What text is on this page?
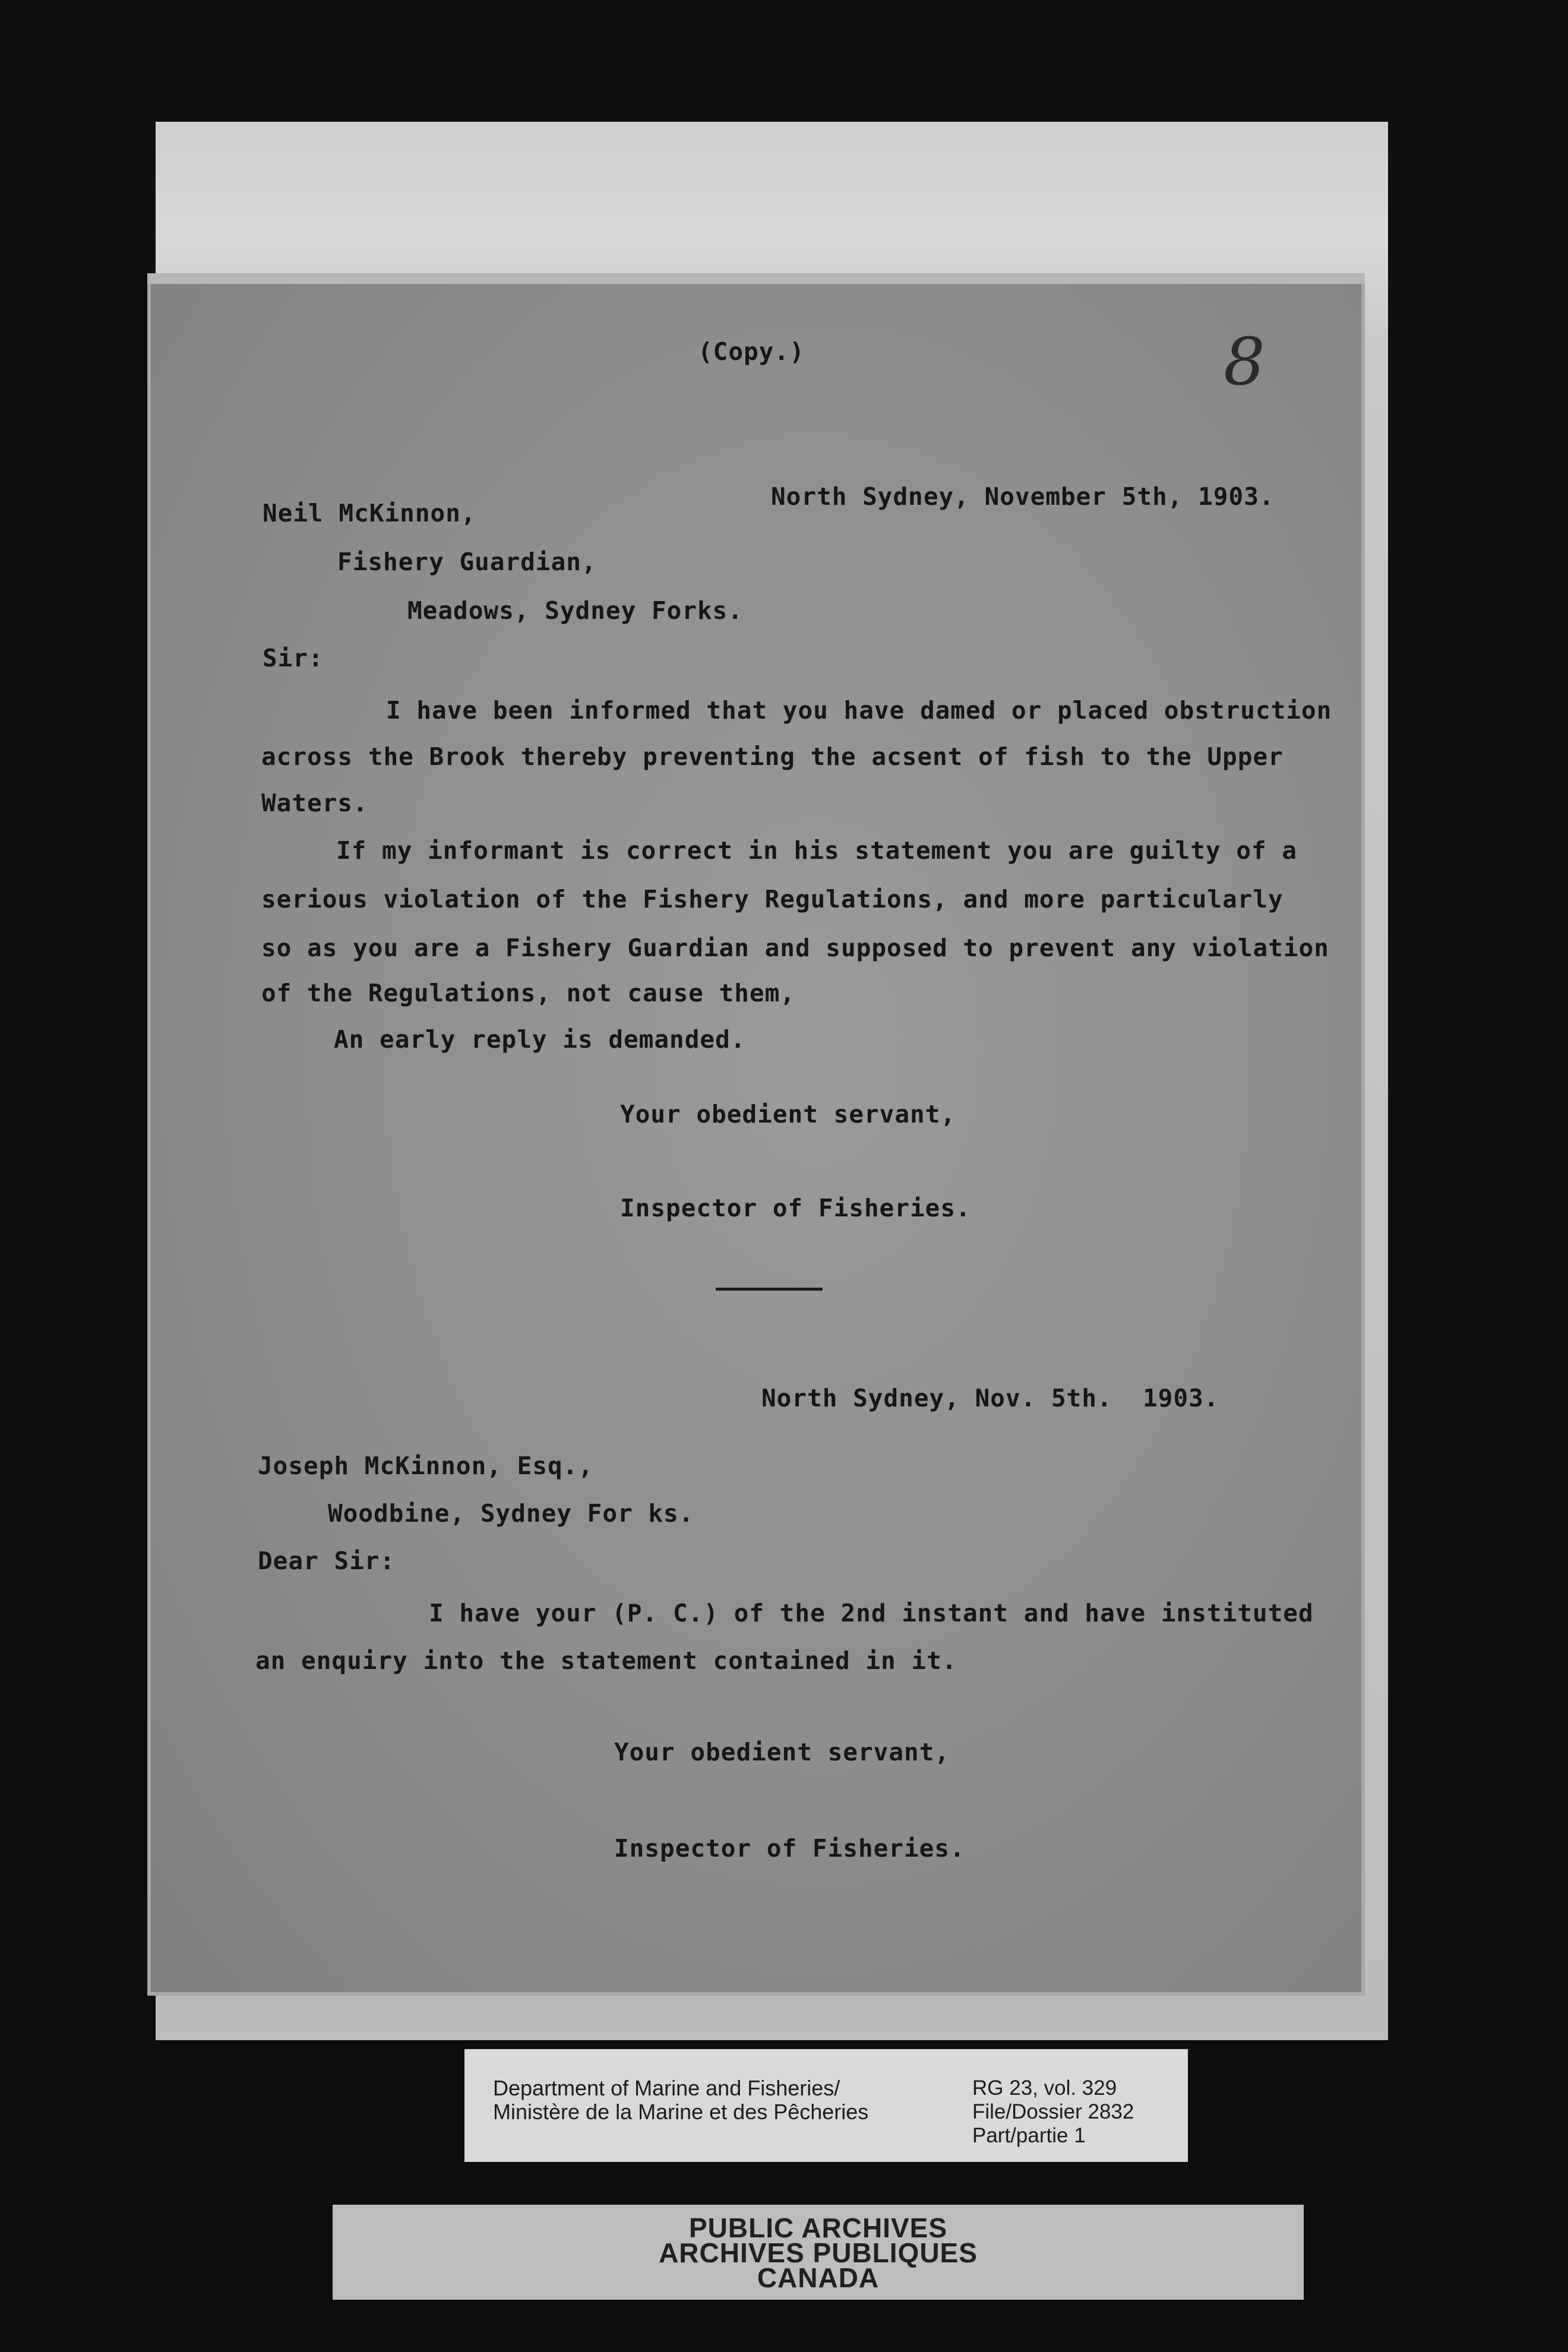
(Copy.)	8
North Sydney, November 5th, 1903.
Neil McKinnon,
Fishery Guardian,
Meadows, Sydney Forks.
Sir:
I have been informed that you have damed or placed obstruction
across the Brook thereby preventing the acsent of fish to the Upper
Waters.
If my informant is correct in his statement you are guilty of a
serious violation of the Fishery Regulations, and more particularly
so as you are a Fishery Guardian and supposed to prevent any violation
of the Regulations, not cause them,
An early reply is demanded.
Your obedient servant,
Inspector of Fisheries.
North Sydney, Nov. 5th.  1903.
Joseph McKinnon, Esq.,
Woodbine, Sydney For ks.
Dear Sir:
I have your (P. C.) of the 2nd instant and have instituted
an enquiry into the statement contained in it.
Your obedient servant,
Inspector of Fisheries.
Department of Marine and Fisheries/
Ministère de la Marine et des Pêcheries
RG 23, vol. 329
File/Dossier 2832
Part/partie 1
PUBLIC ARCHIVES
ARCHIVES PUBLIQUES
CANADA
